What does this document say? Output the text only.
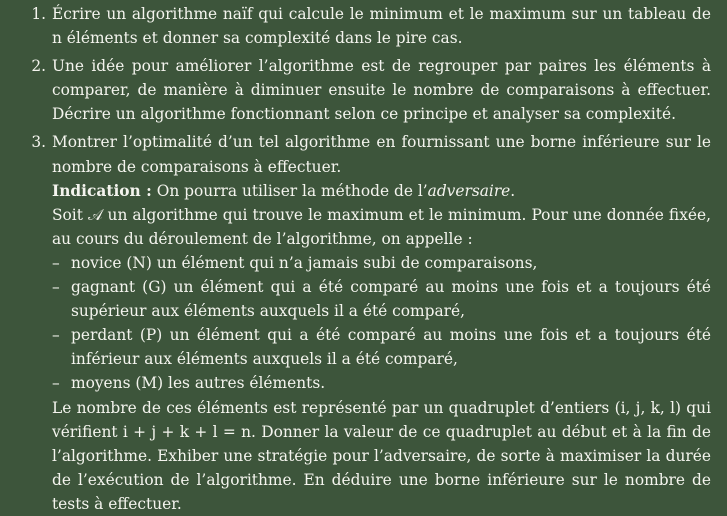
1. Écrire un algorithme naïf qui calcule le minimum et le maximum sur un tableau de n éléments et donner sa complexité dans le pire cas.
2. Une idée pour améliorer l’algorithme est de regrouper par paires les éléments à comparer, de manière à diminuer ensuite le nombre de comparaisons à effectuer. Décrire un algorithme fonctionnant selon ce principe et analyser sa complexité.
3. Montrer l’optimalité d’un tel algorithme en fournissant une borne inférieure sur le nombre de comparaisons à effectuer.
Indication : On pourra utiliser la méthode de l’adversaire.
Soit 𝒜 un algorithme qui trouve le maximum et le minimum. Pour une donnée fixée, au cours du déroulement de l’algorithme, on appelle :
– novice (N) un élément qui n’a jamais subi de comparaisons,
– gagnant (G) un élément qui a été comparé au moins une fois et a toujours été supérieur aux éléments auxquels il a été comparé,
– perdant (P) un élément qui a été comparé au moins une fois et a toujours été inférieur aux éléments auxquels il a été comparé,
– moyens (M) les autres éléments.
Le nombre de ces éléments est représenté par un quadruplet d’entiers (i, j, k, l) qui vérifient i + j + k + l = n. Donner la valeur de ce quadruplet au début et à la fin de l’algorithme. Exhiber une stratégie pour l’adversaire, de sorte à maximiser la durée de l’exécution de l’algorithme. En déduire une borne inférieure sur le nombre de tests à effectuer.
